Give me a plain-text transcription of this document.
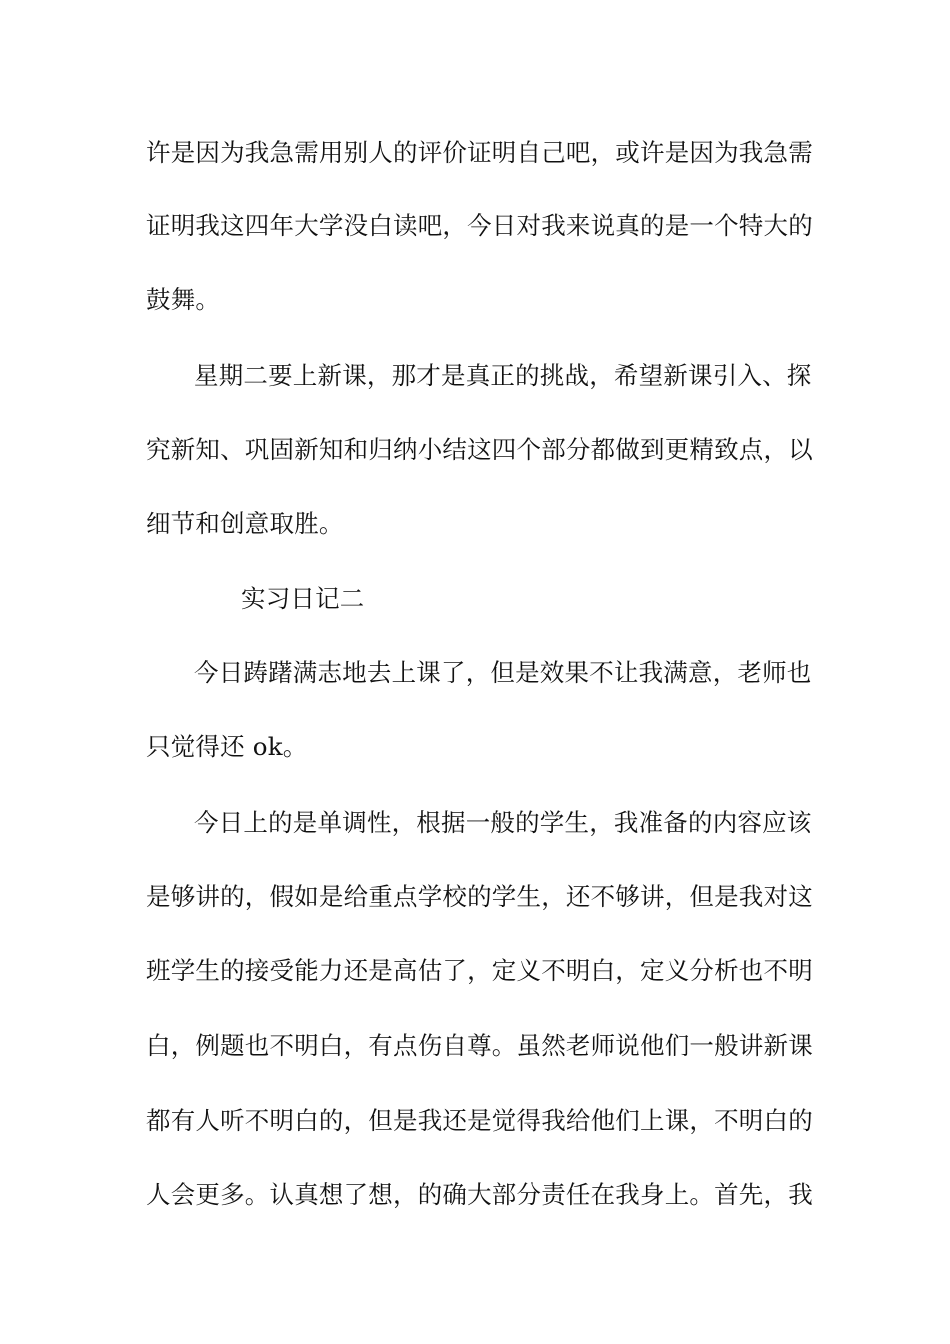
许是因为我急需用别人的评价证明自己吧，或许是因为我急需
证明我这四年大学没白读吧，今日对我来说真的是一个特大的
鼓舞。
星期二要上新课，那才是真正的挑战，希望新课引入、探
究新知、巩固新知和归纳小结这四个部分都做到更精致点，以
细节和创意取胜。
实习日记二
今日踌躇满志地去上课了，但是效果不让我满意，老师也
只觉得还 ok。
今日上的是单调性，根据一般的学生，我准备的内容应该
是够讲的，假如是给重点学校的学生，还不够讲，但是我对这
班学生的接受能力还是高估了，定义不明白，定义分析也不明
白，例题也不明白，有点伤自尊。虽然老师说他们一般讲新课
都有人听不明白的，但是我还是觉得我给他们上课，不明白的
人会更多。认真想了想，的确大部分责任在我身上。首先，我
